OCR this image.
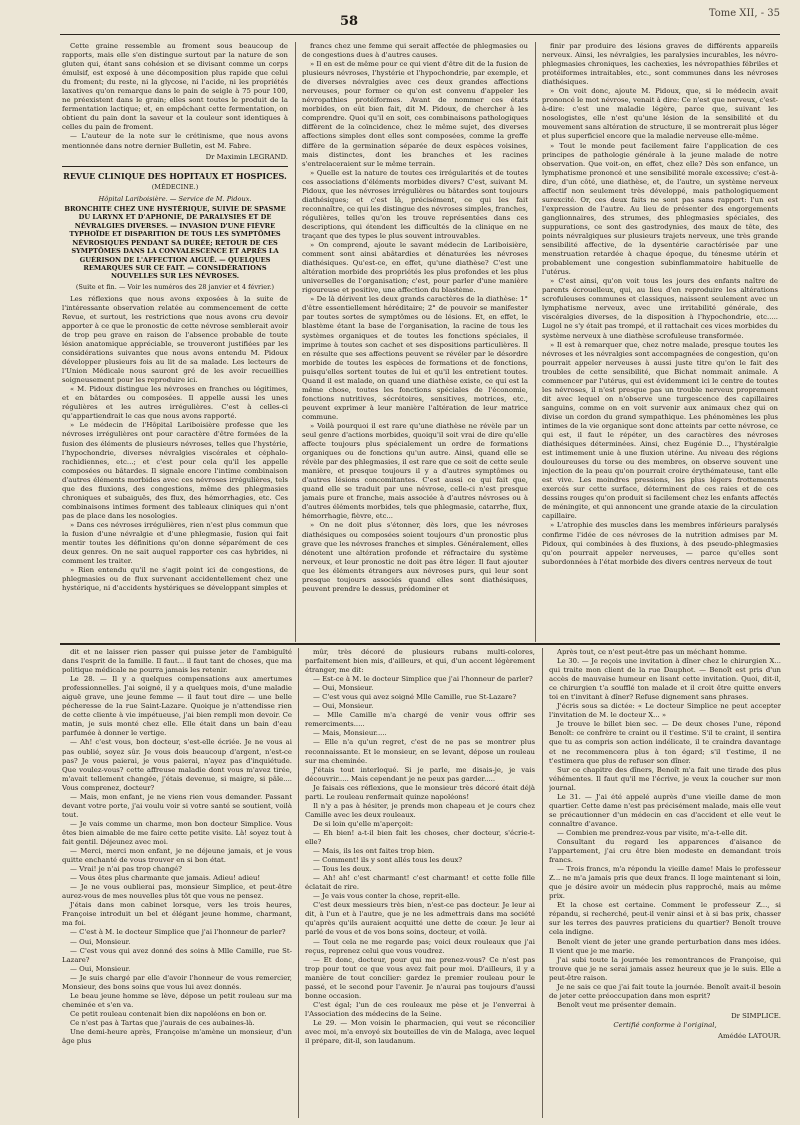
Tome XII, - 35
58

Cette graine ressemble au froment sous beaucoup de rapports, mais elle s'en distingue surtout par la nature de son gluten qui, étant sans cohésion et se divisant comme un corps émulsif, est exposé à une décomposition plus rapide que celui du froment; du reste, ni la glycose, ni l'acide, ni les propriétés laxatives qu'on remarque dans le pain de seigle à 75 pour 100, ne préexistent dans le grain; elles sont toutes le produit de la fermentation lactique; et, en empêchant cette fermentation, on obtient du pain dont la saveur et la couleur sont identiques à celles du pain de froment.

— L'auteur de la note sur le crétinisme, que nous avons mentionnée dans notre dernier Bulletin, est M. Fabre.

Dr Maximin LEGRAND.
REVUE CLINIQUE DES HOPITAUX ET HOSPICES.
(MÉDECINE.)
Hôpital Lariboisière. — Service de M. Pidoux.
BRONCHITE CHEZ UNE HYSTÉRIQUE, SUIVIE DE SPASME DU LARYNX ET D'APHONIE, DE PARALYSIES ET DE NÉVRALGIES DIVERSES. — INVASION D'UNE FIÈVRE TYPHOÏDE ET DISPARITION DE TOUS LES SYMPTÔMES NÉVROSIQUES PENDANT SA DURÉE; RETOUR DE CES SYMPTÔMES DANS LA CONVALESCENCE ET APRÈS LA GUÉRISON DE L'AFFECTION AIGUË. — QUELQUES REMARQUES SUR CE FAIT. — CONSIDÉRATIONS NOUVELLES SUR LES NÉVROSES.
(Suite et fin. — Voir les numéros des 28 janvier et 4 février.)

Les réflexions que nous avons exposées à la suite de l'intéressante observation relatée au commencement de cette Revue, et surtout, les restrictions que nous avons cru devoir apporter à ce que le pronostic de cette névrose semblerait avoir de trop peu grave en raison de l'absence probable de toute lésion anatomique appréciable, se trouveront justifiées par les considérations suivantes que nous avons entendu M. Pidoux développer plusieurs fois au lit de sa malade. Les lecteurs de l'Union Médicale nous sauront gré de les avoir recueillies soigneusement pour les reproduire ici.

« M. Pidoux distingue les névroses en franches ou légitimes, et en bâtardes ou composées. Il appelle aussi les unes régulières et les autres irrégulières. C'est à celles-ci qu'appartiendrait le cas que nous avons rapporté.

» Le médecin de l'Hôpital Lariboisière professe que les névroses irrégulières ont pour caractère d'être formées de la fusion des éléments de plusieurs névroses, telles que l'hystérie, l'hypochondrie, diverses névralgies viscérales et céphalo-rachidiennes, etc...; et c'est pour cela qu'il les appelle composées ou bâtardes. Il signale encore l'intime combinaison d'autres éléments morbides avec ces névroses irrégulières, tels que des fluxions, des congestions, même des phlegmasies chroniques et subaiguës, des flux, des hémorrhagies, etc. Ces combinaisons intimes forment des tableaux cliniques qui n'ont pas de place dans les nosologies.

» Dans ces névroses irrégulières, rien n'est plus commun que la fusion d'une névralgie et d'une phlegmasie, fusion qui fait mentir toutes les définitions qu'on donne séparément de ces deux genres. On ne sait auquel rapporter ces cas hybrides, ni comment les traiter.

» Rien entendu qu'il ne s'agit point ici de congestions, de phlegmasies ou de flux survenant accidentellement chez une hystérique, ni d'accidents hystériques se développant simples et

francs chez une femme qui serait affectée de phlegmasies ou de congestions dues à d'autres causes.

» Il en est de même pour ce qui vient d'être dit de la fusion de plusieurs névroses, l'hystérie et l'hypochondrie, par exemple, et de diverses névralgies avec ces deux grandes affections nerveuses, pour former ce qu'on est convenu d'appeler les névropathies protéiformes. Avant de nommer ces états morbides, on eût bien fait, dit M. Pidoux, de chercher à les comprendre. Quoi qu'il en soit, ces combinaisons pathologiques diffèrent de la coïncidence, chez le même sujet, des diverses affections simples dont elles sont composées, comme la greffe diffère de la germination séparée de deux espèces voisines, mais distinctes, dont les branches et les racines s'entrelaceraient sur le même terrain.

» Quelle est la nature de toutes ces irrégularités et de toutes ces associations d'éléments morbides divers? C'est, suivant M. Pidoux, que les névroses irrégulières ou bâtardes sont toujours diathésiques; et c'est là, précisément, ce qui les fait reconnaître, ce qui les distingue des névroses simples, franches, régulières, telles qu'on les trouve représentées dans ces descriptions, qui étendent les difficultés de la clinique en ne traçant que des types le plus souvent introuvables.

» On comprend, ajoute le savant médecin de Lariboisière, comment sont ainsi abâtardies et dénaturées les névroses diathésiques. Qu'est-ce, en effet, qu'une diathèse? C'est une altération morbide des propriétés les plus profondes et les plus universelles de l'organisation; c'est, pour parler d'une manière rigoureuse et positive, une affection du blastème.

» De là dérivent les deux grands caractères de la diathèse: 1° d'être essentiellement héréditaire; 2° de pouvoir se manifester par toutes sortes de symptômes ou de lésions. Et, en effet, le blastème étant la base de l'organisation, la racine de tous les systèmes organiques et de toutes les fonctions spéciales, il imprime à toutes son cachet et ses dispositions particulières. Il en résulte que ses affections peuvent se révéler par le désordre morbide de toutes les espèces de formations et de fonctions, puisqu'elles sortent toutes de lui et qu'il les entretient toutes. Quand il est malade, on quand une diathèse existe, ce qui est la même chose, toutes les fonctions spéciales de l'économie, fonctions nutritives, sécrétoires, sensitives, motrices, etc., peuvent exprimer à leur manière l'altération de leur matrice commune.

» Voilà pourquoi il est rare qu'une diathèse ne révèle par un seul genre d'actions morbides, quoiqu'il soit vrai de dire qu'elle affecte toujours plus spécialement un ordre de formations organiques ou de fonctions qu'un autre. Ainsi, quand elle se révèle par des phlegmasies, il est rare que ce soit de cette seule manière, et presque toujours il y a d'autres symptômes ou d'autres lésions concomitantes. C'est aussi ce qui fait que, quand elle se traduit par une névrose, celle-ci n'est presque jamais pure et franche, mais associée à d'autres névroses ou à d'autres éléments morbides, tels que phlegmasie, catarrhe, flux, hémorrhagie, fièvre, etc...

» On ne doit plus s'étonner, dès lors, que les névroses diathésiques ou composées soient toujours d'un pronostic plus grave que les névroses franches et simples. Généralement, elles dénotent une altération profonde et réfractaire du système nerveux, et leur pronostic ne doit pas être léger. Il faut ajouter que les éléments étrangers aux névroses purs, qui leur sont presque toujours associés quand elles sont diathésiques, peuvent prendre le dessus, prédominer et

finir par produire des lésions graves de différents appareils nerveux. Ainsi, les névralgies, les paralysies incurables, les névro-phlegmasies chroniques, les cachexies, les névropathies fébriles et protéiformes intraitables, etc., sont communes dans les névroses diathésiques.

» On voit donc, ajoute M. Pidoux, que, si le médecin avait prononcé le mot névrose, venait à dire: Ce n'est que nerveux, c'est-à-dire: c'est une maladie légère, parce que, suivant les nosologistes, elle n'est qu'une lésion de la sensibilité et du mouvement sans altération de structure, il se montrerait plus léger et plus superficiel encore que la maladie nerveuse elle-même.

» Tout le monde peut facilement faire l'application de ces principes de pathologie générale à la jeune malade de notre observation. Que voit-on, en effet, chez elle? Dès son enfance, un lymphatisme prononcé et une sensibilité morale excessive; c'est-à-dire, d'un côté, une diathèse, et, de l'autre, un système nerveux affectif non seulement très développé, mais pathologiquement surexcité. Or, ces deux faits ne sont pas sans rapport: l'un est l'expression de l'autre. Au lieu de présenter des engorgements ganglionnaires, des strumes, des phlegmasies spéciales, des suppurations, ce sont des gastrodynies, des maux de tête, des points névralgiques sur plusieurs trajets nerveux, une très grande sensibilité affective, de la dysentérie caractérisée par une menstruation retardée à chaque époque, du ténesme utérin et probablement une congestion subinflammatoire habituelle de l'utérus.

» C'est ainsi, qu'on voit tous les jours des enfants naître de parents écrouelleux, qui, au lieu d'en reproduire les altérations scrofuleuses communes et classiques, naissent seulement avec un lymphatisme nerveux, avec une irritabilité générale, des viscéralgies diverses, de la disposition à l'hypochondrie, etc..... Lugol ne s'y était pas trompé, et il rattachait ces vices morbides du système nerveux à une diathèse scrofuleuse transformée.

» Il est à remarquer que, chez notre malade, presque toutes les névroses et les névralgies sont accompagnées de congestion, qu'on pourrait appeler nerveuses à aussi juste titre qu'on le fait des troubles de cette sensibilité, que Bichat nommait animale. A commencer par l'utérus, qui est évidemment ici le centre de toutes les névroses, il n'est presque pas un trouble nerveux proprement dit avec lequel on n'observe une turgescence des capillaires sanguins, comme on en voit survenir aux animaux chez qui on divise un cordon du grand sympathique. Les phénomènes les plus intimes de la vie organique sont donc atteints par cette névrose, ce qui est, il faut le répéter, un des caractères des névroses diathésiques déterminées. Ainsi, chez Eugénie D..., l'hystéralgie est intimement unie à une fluxion utérine. Au niveau des régions douloureuses du torse ou des membres, on observe souvent une injection de la peau qu'on pourrait croire érythémateuse, tant elle est vive. Les moindres pressions, les plus légers frottements exercés sur cette surface, déterminent de ces raies et de ces dessins rouges qu'on produit si facilement chez les enfants affectés de méningite, et qui annoncent une grande ataxie de la circulation capillaire.

» L'atrophie des muscles dans les membres inférieurs paralysés confirme l'idée de ces névroses de la nutrition admises par M. Pidoux, qui combinées à des fluxions, à des pseudo-phlegmasies qu'on pourrait appeler nerveuses, — parce qu'elles sont subordonnées à l'état morbide des divers centres nerveux de tout

dit et ne laisser rien passer qui puisse jeter de l'ambiguïté dans l'esprit de la famille. Il faut... il faut tant de choses, que ma politique médicale ne pourra jamais les retenir.

Le 28. — Il y a quelques compensations aux amertumes professionnelles. J'ai soigné, il y a quelques mois, d'une maladie aiguë grave, une jeune femme — il faut tout dire — une belle pécheresse de la rue Saint-Lazare. Quoique je n'attendisse rien de cette cliente à vie impétueuse, j'ai bien rempli mon devoir. Ce matin, je suis monté chez elle. Elle était dans un bain d'eau parfumée à donner le vertige.

— Ah! c'est vous, bon docteur, s'est-elle écriée. Je ne vous ai pas oublié, soyez sûr. Je vous dois beaucoup d'argent, n'est-ce pas? Je vous paierai, je vous paierai, n'ayez pas d'inquiétude. Que voulez-vous? cette affreuse maladie dont vous m'avez tirée, m'avait tellement changée, j'étais devenue, si maigre, si pâle.... Vous comprenez, docteur?

— Mais, mon enfant, je ne viens rien vous demander. Passant devant votre porte, j'ai voulu voir si votre santé se soutient, voilà tout.

— Je vais comme un charme, mon bon docteur Simplice. Vous êtes bien aimable de me faire cette petite visite. Là! soyez tout à fait gentil. Déjeunez avec moi.

— Merci, merci mon enfant, je ne déjeune jamais, et je vous quitte enchanté de vous trouver en si bon état.

— Vrai! je n'ai pas trop changé?

— Vous êtes plus charmante que jamais. Adieu! adieu!

— Je ne vous oublierai pas, monsieur Simplice, et peut-être aurez-vous de mes nouvelles plus tôt que vous ne pensez.

J'étais dans mon cabinet lorsque, vers les trois heures, Françoise introduit un bel et élégant jeune homme, charmant, ma foi.

— C'est à M. le docteur Simplice que j'ai l'honneur de parler?

— Oui, Monsieur.

— C'est vous qui avez donné des soins à Mlle Camille, rue St-Lazare?

— Oui, Monsieur.

— Je suis chargé par elle d'avoir l'honneur de vous remercier, Monsieur, des bons soins que vous lui avez donnés.

Le beau jeune homme se lève, dépose un petit rouleau sur ma cheminée et s'en va.

Ce petit rouleau contenait bien dix napoléons en bon or.

Ce n'est pas à Tartas que j'aurais de ces aubaines-là.

Une demi-heure après, Françoise m'amène un monsieur, d'un âge plus

mûr, très décoré de plusieurs rubans multi-colores, parfaitement bien mis, d'ailleurs, et qui, d'un accent légèrement étranger, me dit:

— Est-ce à M. le docteur Simplice que j'ai l'honneur de parler?

— Oui, Monsieur.

— C'est vous qui avez soigné Mlle Camille, rue St-Lazare?

— Oui, Monsieur.

— Mlle Camille m'a chargé de venir vous offrir ses remerciments.....

— Mais, Monsieur.....

— Elle n'a qu'un regret, c'est de ne pas se montrer plus reconnaissante. Et le monsieur, en se levant, dépose un rouleau sur ma cheminée.

J'étais tout interloqué. Si je parle, me disais-je, je vais découvrir..... Mais cependant je ne peux pas garder.....

Je faisais ces réflexions, que le monsieur très décoré était déjà parti. Le rouleau renfermait quinze napoléons!

Il n'y a pas à hésiter, je prends mon chapeau et je cours chez Camille avec les deux rouleaux.

De si loin qu'elle m'aperçoit:

— Eh bien! a-t-il bien fait les choses, cher docteur, s'écrie-t-elle?

— Mais, ils les ont faites trop bien.

— Comment! ils y sont allés tous les deux?

— Tous les deux.

— Ah! ah! c'est charmant! c'est charmant! et cette folle fille éclatait de rire.

— Je vais vous conter la chose, reprit-elle.

C'est deux messieurs très bien, n'est-ce pas docteur. Je leur ai dit, à l'un et à l'autre, que je ne les admettrais dans ma société qu'après qu'ils auraient acquitté une dette de cœur. Je leur ai parlé de vous et de vos bons soins, docteur, et voilà.

— Tout cela ne me regarde pas; voici deux rouleaux que j'ai reçus, reprenez celui que vous voudrez.

— Et donc, docteur, pour qui me prenez-vous? Ce n'est pas trop pour tout ce que vous avez fait pour moi. D'ailleurs, il y a manière de tout concilier: gardez le premier rouleau pour le passé, et le second pour l'avenir. Je n'aurai pas toujours d'aussi bonne occasion.

C'est égal; l'un de ces rouleaux me pèse et je l'enverrai à l'Association des médecins de la Seine.

Le 29. — Mon voisin le pharmacien, qui veut se réconcilier avec moi, m'a envoyé six bouteilles de vin de Malaga, avec lequel il prépare, dit-il, son laudanum.

Après tout, ce n'est peut-être pas un méchant homme.

Le 30. — Je reçois une invitation à dîner chez le chirurgien X... qui traite mon client de la rue Dauphot. — Benoît est pris d'un accès de mauvaise humeur en lisant cette invitation. Quoi, dit-il, ce chirurgien t'a soufflé ton malade et il croit être quitte envers toi en t'invitant à dîner? Refuse dignement sans phrases.

J'écris sous sa dictée: « Le docteur Simplice ne peut accepter l'invitation de M. le docteur X... »

Je trouve le billet bien sec. — De deux choses l'une, répond Benoît: ce confrère te craint ou il t'estime. S'il te craint, il sentira que tu as compris son action indélicate, il te craindra davantage et ne recommencera plus à ton égard; s'il t'estime, il ne t'estimera que plus de refuser son dîner.

Sur ce chapitre des dîners, Benoît m'a fait une tirade des plus véhémentes. Il faut qu'il me l'écrive, je veux la coucher sur mon journal.

Le 31. — J'ai été appelé auprès d'une vieille dame de mon quartier. Cette dame n'est pas précisément malade, mais elle veut se précautionner d'un médecin en cas d'accident et elle veut le connaître d'avance.

— Combien me prendrez-vous par visite, m'a-t-elle dit.

Consultant du regard les apparences d'aisance de l'appartement, j'ai cru être bien modeste en demandant trois francs.

— Trois francs, m'a répondu la vieille dame! Mais le professeur Z... ne m'a jamais pris que deux francs. Il loge maintenant si loin, que je désire avoir un médecin plus rapproché, mais au même prix.

Et la chose est certaine. Comment le professeur Z..., si répandu, si recherché, peut-il venir ainsi et à si bas prix, chasser sur les terres des pauvres praticiens du quartier? Benoît trouve cela indigne.

Benoît vient de jeter une grande perturbation dans mes idées. Il vient que je me marie.

J'ai subi toute la journée les remontrances de Françoise, qui trouve que je ne serai jamais assez heureux que je le suis. Elle a peut-être raison.

Je ne sais ce que j'ai fait toute la journée. Benoît avait-il besoin de jeter cette préoccupation dans mon esprit?

Benoît veut me présenter demain.

Dr SIMPLICE.
Certifié conforme à l'original,
Amédée LATOUR.
